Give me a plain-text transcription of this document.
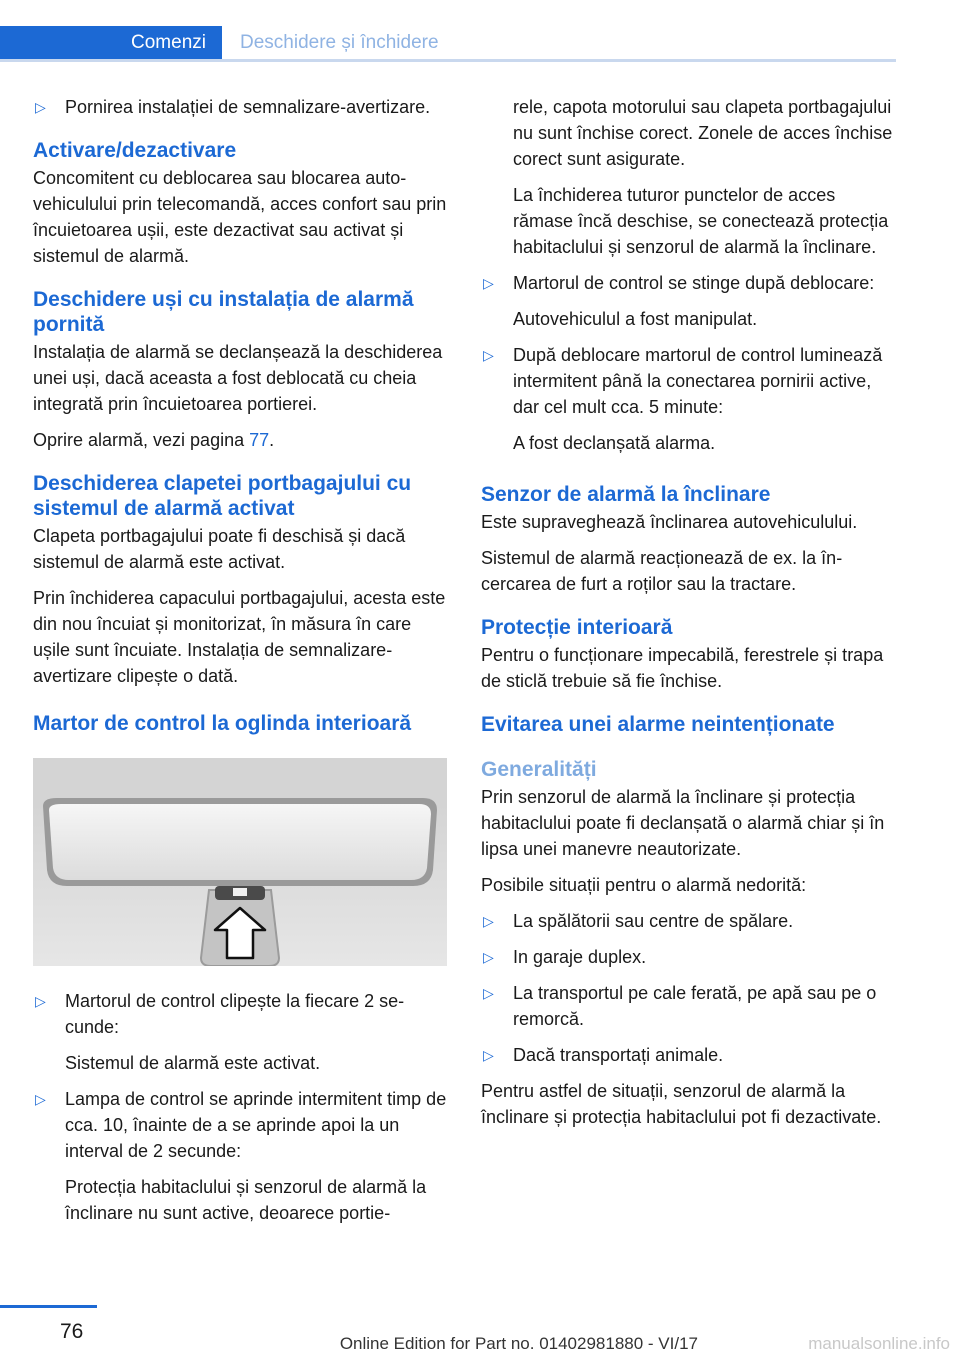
Comenzi	Deschidere și închidere
▷ Pornirea instalației de semnalizare-avertizare.
Activare/dezactivare

Concomitent cu deblocarea sau blocarea autovehiculului prin telecomandă, acces confort sau prin încuietoarea ușii, este dezactivat sau activat și sistemul de alarmă.

Deschidere uși cu instalația de alarmă pornită

Instalația de alarmă se declanșează la deschiderea unei uși, dacă aceasta a fost deblocată cu cheia integrată prin încuietoarea portierei.

Oprire alarmă, vezi pagina 77.

Deschiderea clapetei portbagajului cu sistemul de alarmă activat

Clapeta portbagajului poate fi deschisă și dacă sistemul de alarmă este activat.

Prin închiderea capacului portbagajului, acesta este din nou încuiat și monitorizat, în măsura în care ușile sunt încuiate. Instalația de semnalizare-avertizare clipește o dată.

Martor de control la oglinda interioară
▷ Martorul de control clipește la fiecare 2 secunde:

Sistemul de alarmă este activat.

▷ Lampa de control se aprinde intermitent timp de cca. 10, înainte de a se aprinde apoi la un interval de 2 secunde:

Protecția habitaclului și senzorul de alarmă la înclinare nu sunt active, deoarece portie-

rele, capota motorului sau clapeta portbagajului nu sunt închise corect. Zonele de acces închise corect sunt asigurate.

La închiderea tuturor punctelor de acces rămase încă deschise, se conectează protecția habitaclului și senzorul de alarmă la înclinare.

▷ Martorul de control se stinge după deblocare:

Autovehiculul a fost manipulat.

▷ După deblocare martorul de control luminează intermitent până la conectarea pornirii active, dar cel mult cca. 5 minute:

A fost declanșată alarma.

Senzor de alarmă la înclinare

Este supraveghează înclinarea autovehiculului.

Sistemul de alarmă reacționează de ex. la încercarea de furt a roților sau la tractare.

Protecție interioară

Pentru o funcționare impecabilă, ferestrele și trapa de sticlă trebuie să fie închise.

Evitarea unei alarme neintenționate
Generalități

Prin senzorul de alarmă la înclinare și protecția habitaclului poate fi declanșată o alarmă chiar și în lipsa unei manevre neautorizate.

Posibile situații pentru o alarmă nedorită:

▷ La spălătorii sau centre de spălare.
▷ In garaje duplex.
▷ La transportul pe cale ferată, pe apă sau pe o remorcă.
▷ Dacă transportați animale.

Pentru astfel de situații, senzorul de alarmă la înclinare și protecția habitaclului pot fi dezactivate.

76
Online Edition for Part no. 01402981880 - VI/17	manualsonline.info
